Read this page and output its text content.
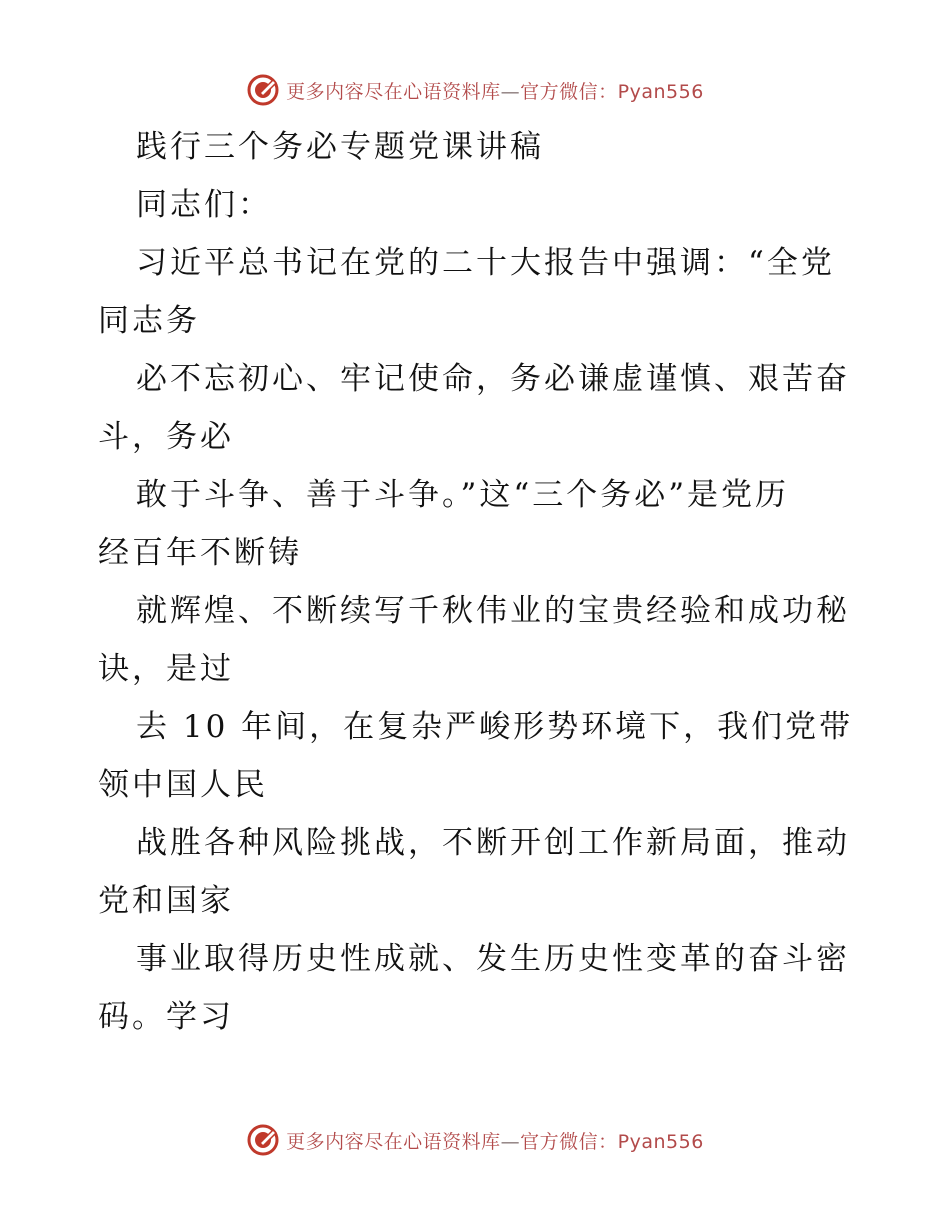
更多内容尽在心语资料库—官方微信：Pyan556
践行三个务必专题党课讲稿
同志们：
习近平总书记在党的二十大报告中强调：“全党
同志务
必不忘初心、牢记使命，务必谦虚谨慎、艰苦奋
斗，务必
敢于斗争、善于斗争。”这“三个务必”是党历
经百年不断铸
就辉煌、不断续写千秋伟业的宝贵经验和成功秘
诀，是过
去 10 年间，在复杂严峻形势环境下，我们党带
领中国人民
战胜各种风险挑战，不断开创工作新局面，推动
党和国家
事业取得历史性成就、发生历史性变革的奋斗密
码。学习
更多内容尽在心语资料库—官方微信：Pyan556
